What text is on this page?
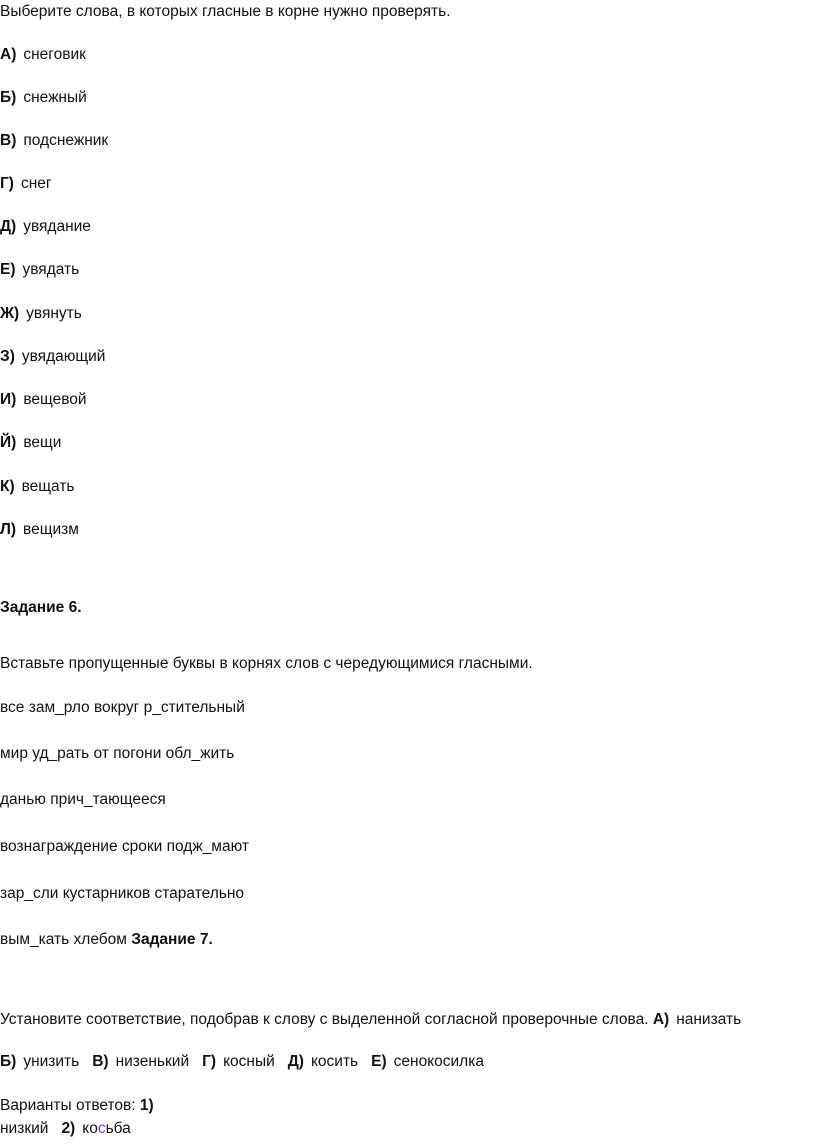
Выберите слова, в которых гласные в корне нужно проверять.
А) снеговик
Б) снежный
В) подснежник
Г) снег
Д) увядание
Е) увядать
Ж) увянуть
З) увядающий
И) вещевой
Й) вещи
К) вещать
Л) вещизм
Задание 6.
Вставьте пропущенные буквы в корнях слов с чередующимися гласными.
все зам_рло вокруг р_стительный
мир уд_рать от погони обл_жить
данью прич_тающееся
вознаграждение сроки подж_мают
зар_сли кустарников старательно
вым_кать хлебом Задание 7.
Установите соответствие, подобрав к слову с выделенной согласной проверочные слова. А) нанизать
Б) унизить В) низенький Г) косный Д) косить Е) сенокосилка
Варианты ответов: 1)
низкий 2) косьба
